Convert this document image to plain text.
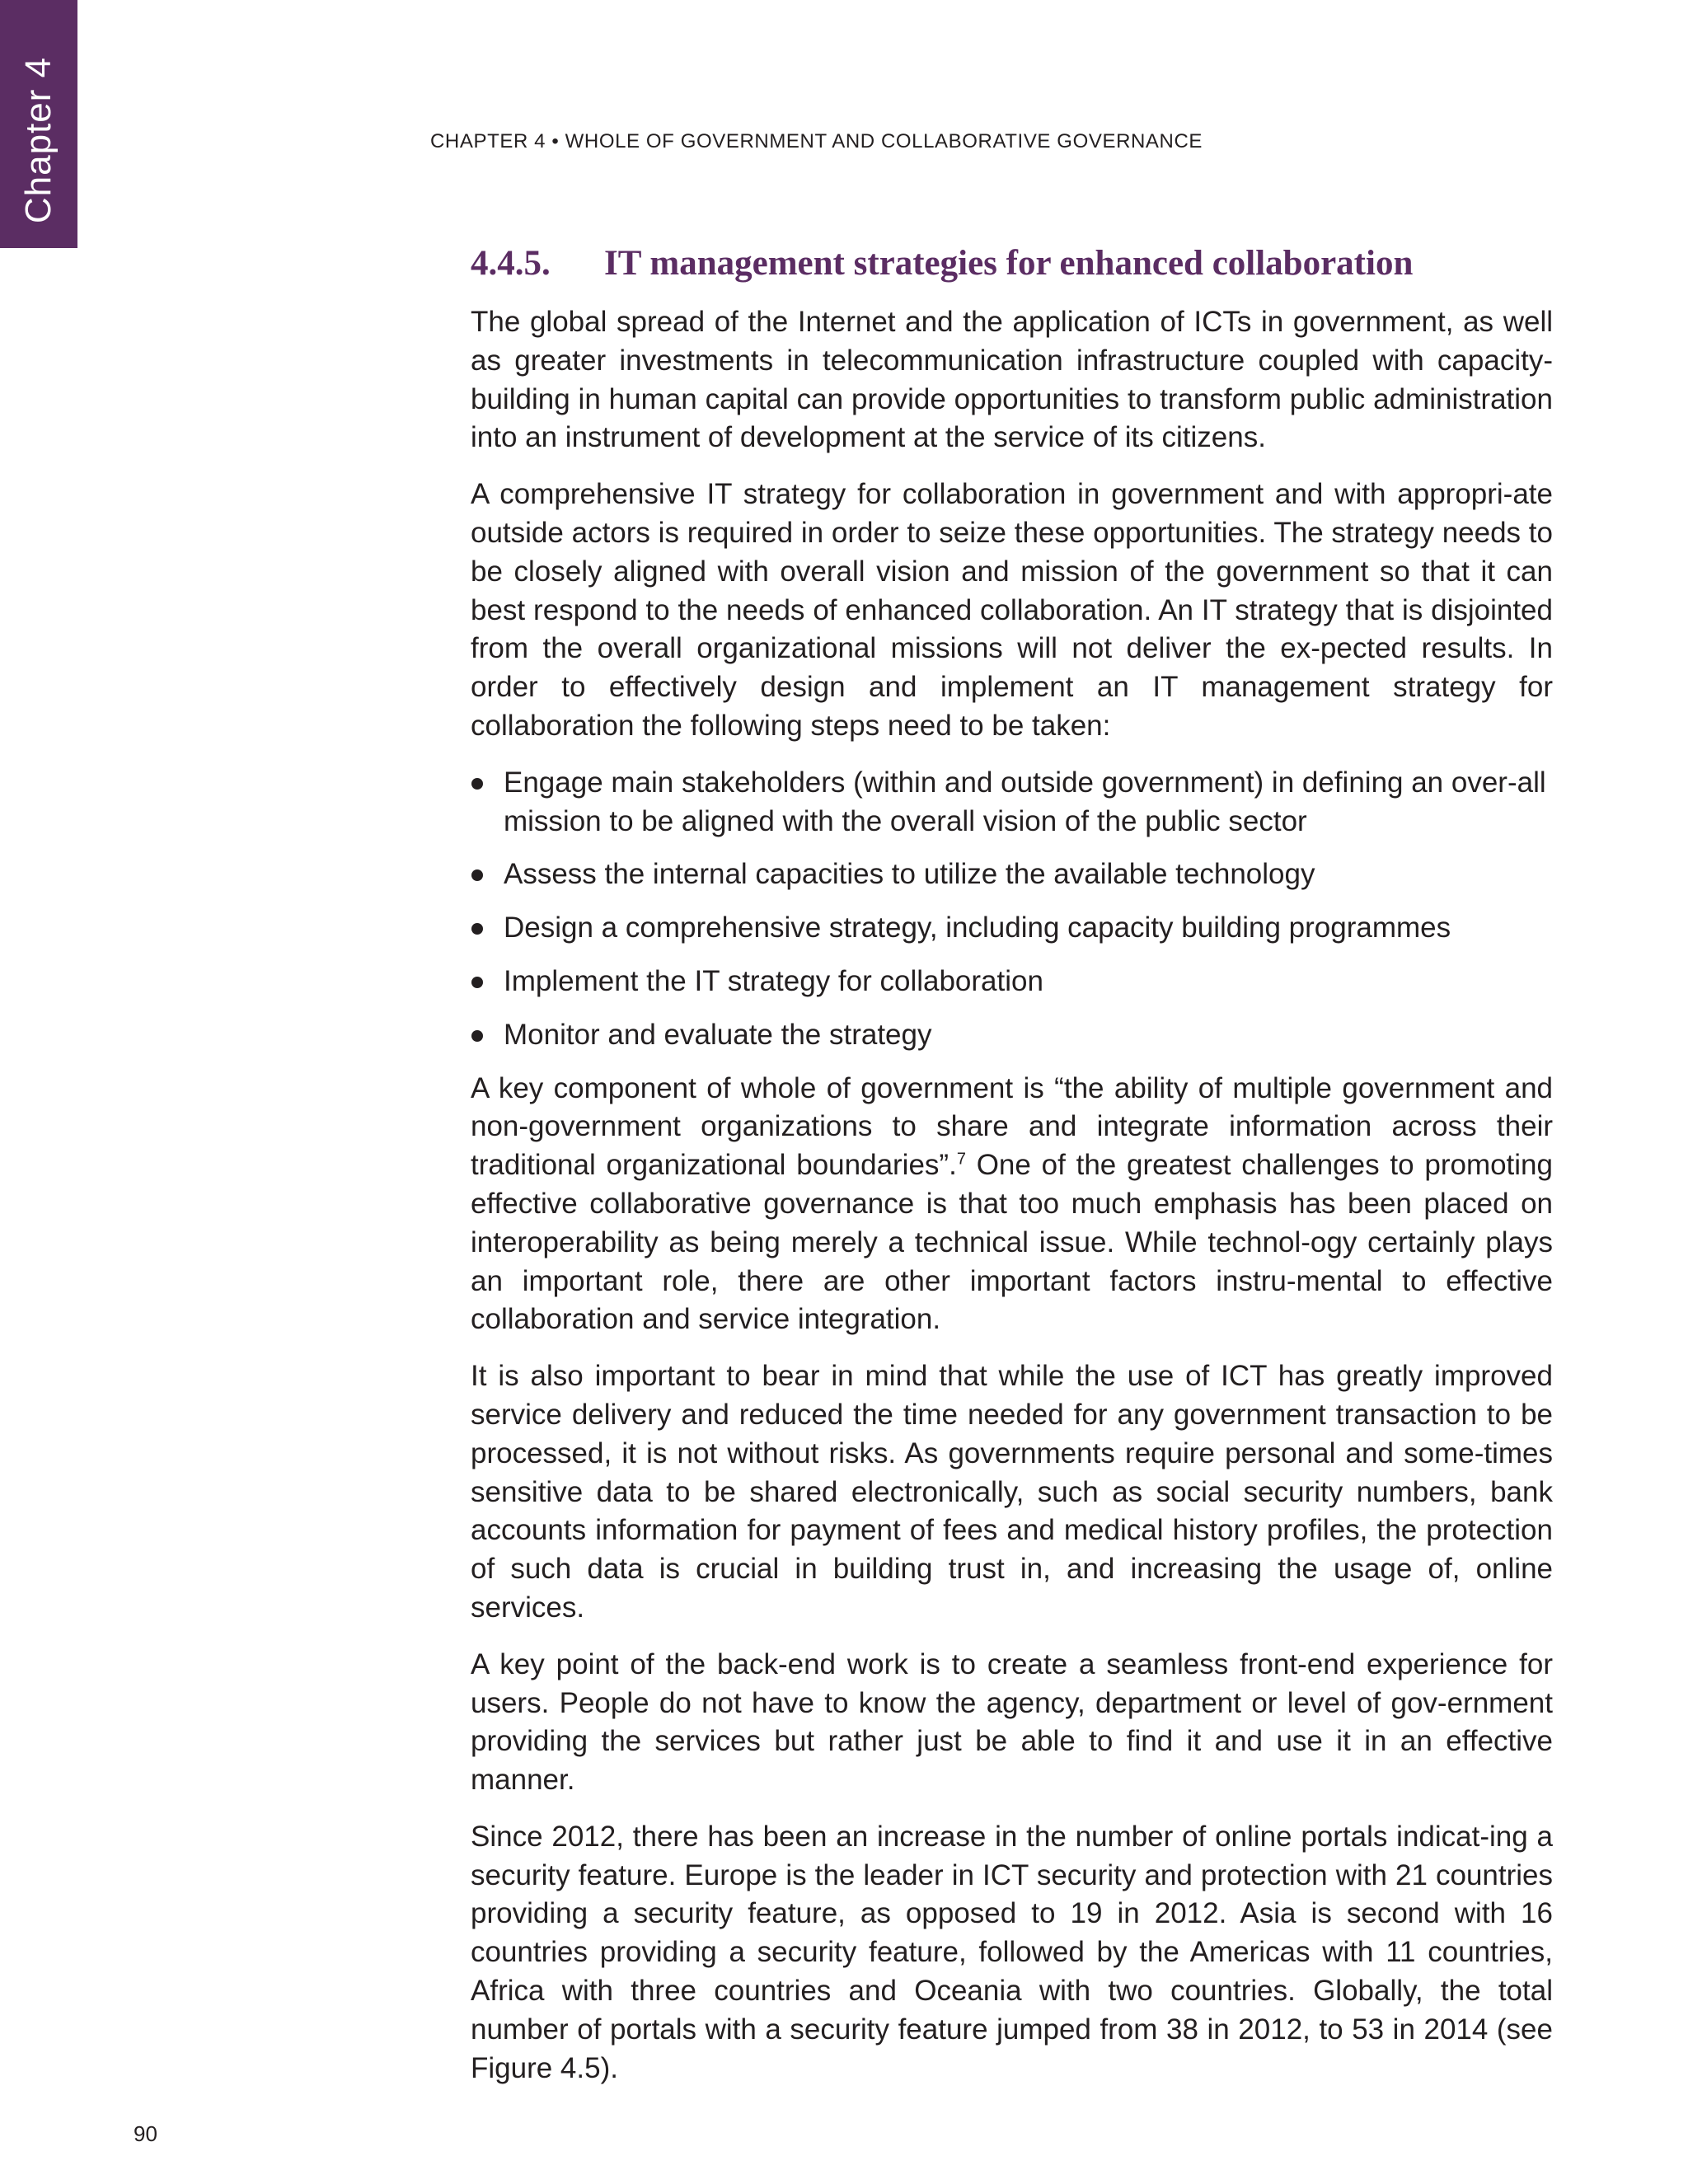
Chapter 4	CHAPTER 4 • WHOLE OF GOVERNMENT AND COLLABORATIVE GOVERNANCE
4.4.5. IT management strategies for enhanced collaboration

The global spread of the Internet and the application of ICTs in government, as well as greater investments in telecommunication infrastructure coupled with capacity-building in human capital can provide opportunities to transform public administration into an instrument of development at the service of its citizens.

A comprehensive IT strategy for collaboration in government and with appropri-ate outside actors is required in order to seize these opportunities. The strategy needs to be closely aligned with overall vision and mission of the government so that it can best respond to the needs of enhanced collaboration. An IT strategy that is disjointed from the overall organizational missions will not deliver the ex-pected results. In order to effectively design and implement an IT management strategy for collaboration the following steps need to be taken:

Engage main stakeholders (within and outside government) in defining an over-all mission to be aligned with the overall vision of the public sector
Assess the internal capacities to utilize the available technology
Design a comprehensive strategy, including capacity building programmes
Implement the IT strategy for collaboration
Monitor and evaluate the strategy

A key component of whole of government is “the ability of multiple government and non-government organizations to share and integrate information across their traditional organizational boundaries”.$^7$ One of the greatest challenges to promoting effective collaborative governance is that too much emphasis has been placed on interoperability as being merely a technical issue. While technol-ogy certainly plays an important role, there are other important factors instru-mental to effective collaboration and service integration.

It is also important to bear in mind that while the use of ICT has greatly improved service delivery and reduced the time needed for any government transaction to be processed, it is not without risks. As governments require personal and some-times sensitive data to be shared electronically, such as social security numbers, bank accounts information for payment of fees and medical history profiles, the protection of such data is crucial in building trust in, and increasing the usage of, online services.

A key point of the back-end work is to create a seamless front-end experience for users. People do not have to know the agency, department or level of gov-ernment providing the services but rather just be able to find it and use it in an effective manner.

Since 2012, there has been an increase in the number of online portals indicat-ing a security feature. Europe is the leader in ICT security and protection with 21 countries providing a security feature, as opposed to 19 in 2012. Asia is second with 16 countries providing a security feature, followed by the Americas with 11 countries, Africa with three countries and Oceania with two countries. Globally, the total number of portals with a security feature jumped from 38 in 2012, to 53 in 2014 (see Figure 4.5).

90
